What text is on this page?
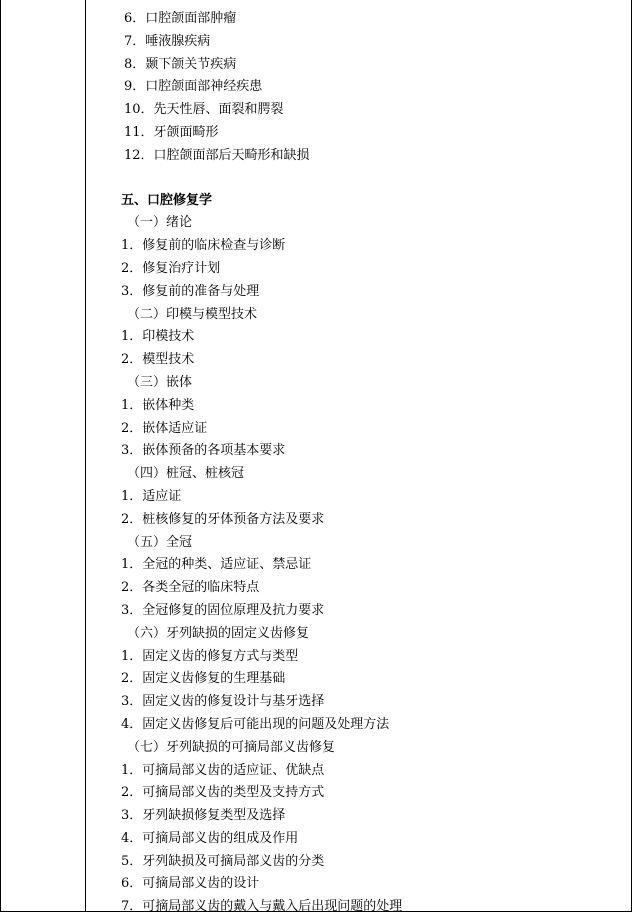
6．口腔颌面部肿瘤
7．唾液腺疾病
8．颞下颌关节疾病
9．口腔颌面部神经疾患
10．先天性唇、面裂和腭裂
11．牙颌面畸形
12．口腔颌面部后天畸形和缺损
五、口腔修复学
（一）绪论
1．修复前的临床检查与诊断
2．修复治疗计划
3．修复前的准备与处理
（二）印模与模型技术
1．印模技术
2．模型技术
（三）嵌体
1．嵌体种类
2．嵌体适应证
3．嵌体预备的各项基本要求
（四）桩冠、桩核冠
1．适应证
2．桩核修复的牙体预备方法及要求
（五）全冠
1．全冠的种类、适应证、禁忌证
2．各类全冠的临床特点
3．全冠修复的固位原理及抗力要求
（六）牙列缺损的固定义齿修复
1．固定义齿的修复方式与类型
2．固定义齿修复的生理基础
3．固定义齿的修复设计与基牙选择
4．固定义齿修复后可能出现的问题及处理方法
（七）牙列缺损的可摘局部义齿修复
1．可摘局部义齿的适应证、优缺点
2．可摘局部义齿的类型及支持方式
3．牙列缺损修复类型及选择
4．可摘局部义齿的组成及作用
5．牙列缺损及可摘局部义齿的分类
6．可摘局部义齿的设计
7．可摘局部义齿的戴入与戴入后出现问题的处理
